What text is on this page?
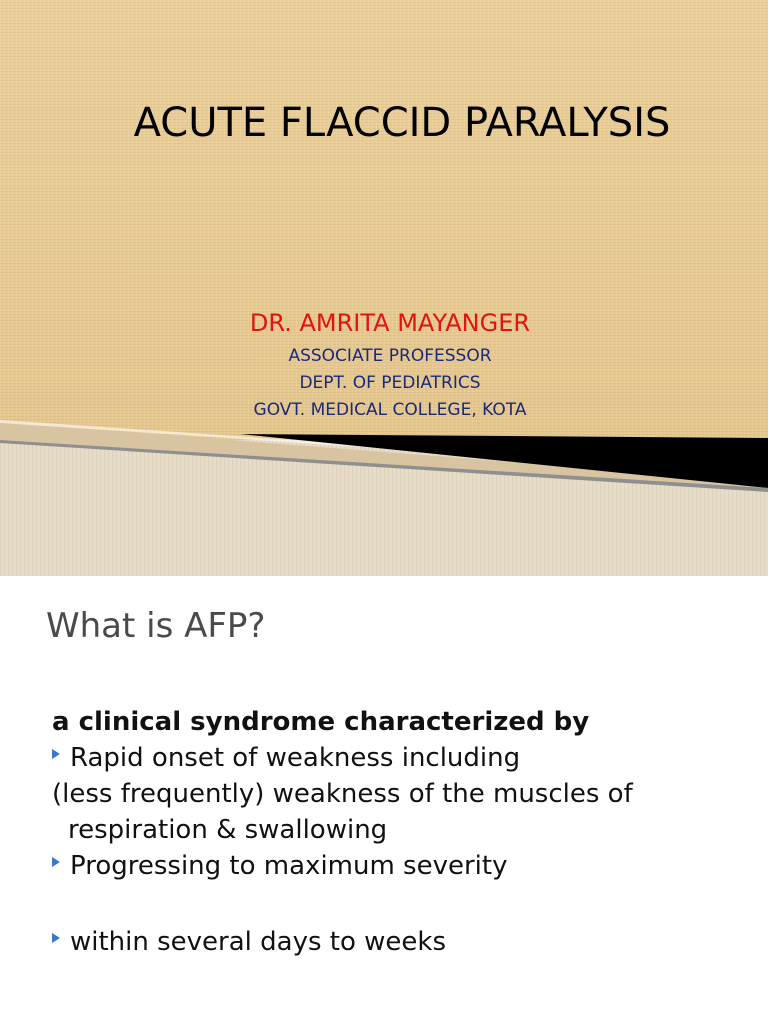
ACUTE FLACCID PARALYSIS
DR. AMRITA MAYANGER
ASSOCIATE PROFESSOR
DEPT. OF PEDIATRICS
GOVT. MEDICAL COLLEGE, KOTA
What is AFP?
a clinical syndrome characterized by
Rapid onset of weakness including
(less frequently) weakness of the muscles of
respiration & swallowing
Progressing to maximum severity
within several days to weeks
